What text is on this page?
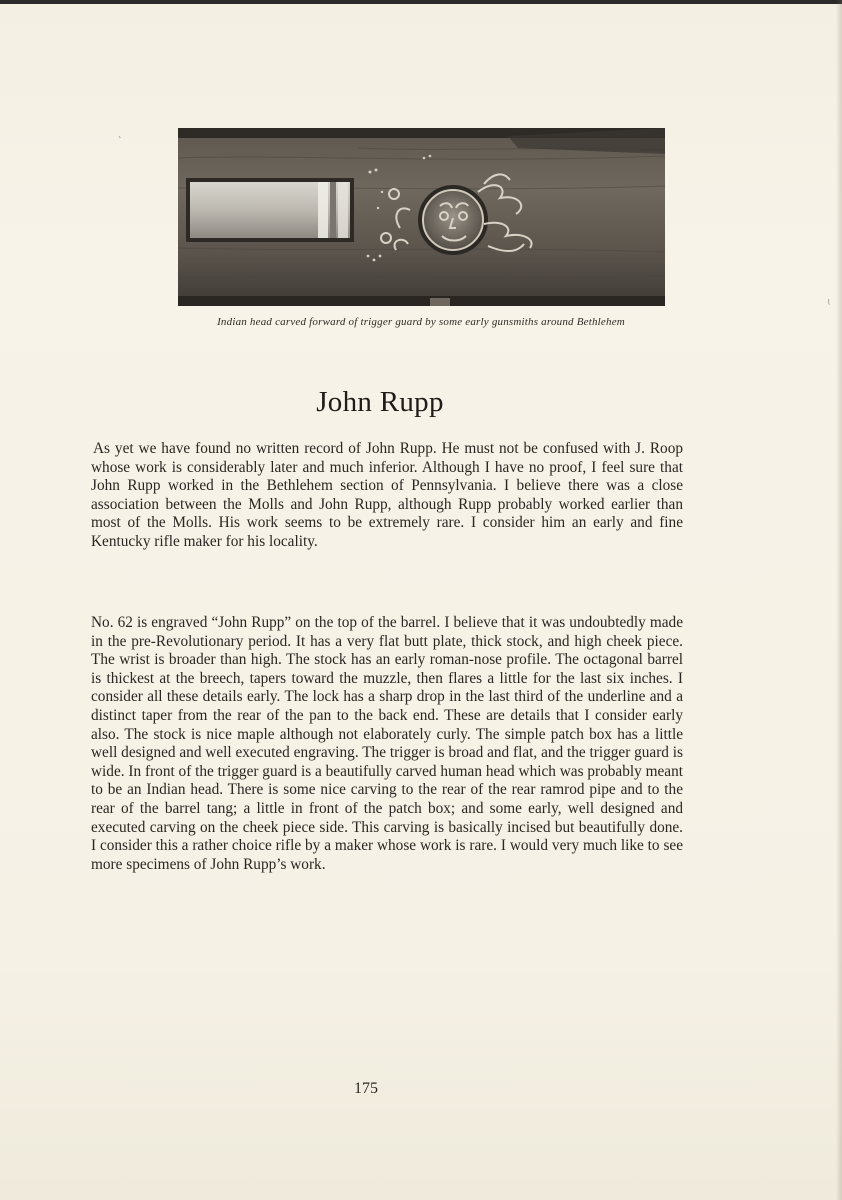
`
ᶩ
Indian head carved forward of trigger guard by some early gunsmiths around Bethlehem
John Rupp

As yet we have found no written record of John Rupp. He must not be confused with J. Roop whose work is considerably later and much inferior. Although I have no proof, I feel sure that John Rupp worked in the Bethlehem section of Pennsylvania. I believe there was a close association between the Molls and John Rupp, although Rupp probably worked earlier than most of the Molls. His work seems to be extremely rare. I consider him an early and fine Kentucky rifle maker for his locality.

No. 62 is engraved “John Rupp” on the top of the barrel. I believe that it was undoubtedly made in the pre-Revolutionary period. It has a very flat butt plate, thick stock, and high cheek piece. The wrist is broader than high. The stock has an early roman-nose profile. The octagonal barrel is thickest at the breech, tapers toward the muzzle, then flares a little for the last six inches. I consider all these details early. The lock has a sharp drop in the last third of the underline and a distinct taper from the rear of the pan to the back end. These are details that I consider early also. The stock is nice maple although not elaborately curly. The simple patch box has a little well designed and well executed engraving. The trigger is broad and flat, and the trigger guard is wide. In front of the trigger guard is a beautifully carved human head which was probably meant to be an Indian head. There is some nice carving to the rear of the rear ramrod pipe and to the rear of the barrel tang; a little in front of the patch box; and some early, well designed and executed carving on the cheek piece side. This carving is basically incised but beautifully done. I consider this a rather choice rifle by a maker whose work is rare. I would very much like to see more specimens of John Rupp’s work.

175
